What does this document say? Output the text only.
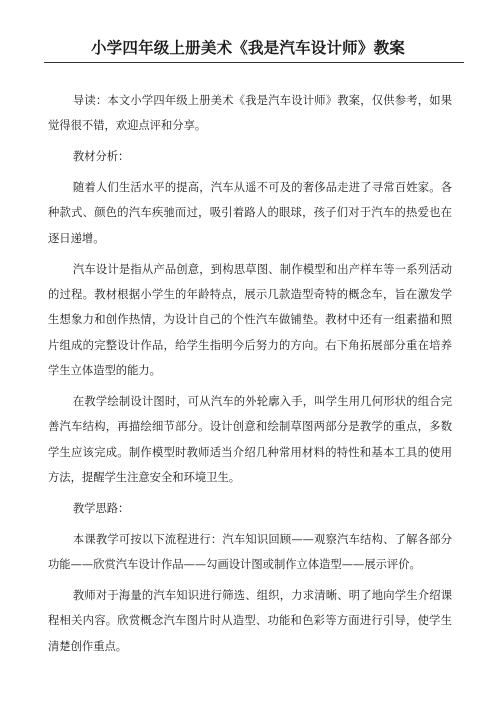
小学四年级上册美术《我是汽车设计师》教案

导读：本文小学四年级上册美术《我是汽车设计师》教案，仅供参考，如果觉得很不错，欢迎点评和分享。

教材分析：

随着人们生活水平的提高，汽车从遥不可及的奢侈品走进了寻常百姓家。各种款式、颜色的汽车疾驰而过，吸引着路人的眼球，孩子们对于汽车的热爱也在逐日递增。

汽车设计是指从产品创意，到构思草图、制作模型和出产样车等一系列活动的过程。教材根据小学生的年龄特点，展示几款造型奇特的概念车，旨在激发学生想象力和创作热情，为设计自己的个性汽车做铺垫。教材中还有一组素描和照片组成的完整设计作品，给学生指明今后努力的方向。右下角拓展部分重在培养学生立体造型的能力。

在教学绘制设计图时，可从汽车的外轮廓入手，叫学生用几何形状的组合完善汽车结构，再描绘细节部分。设计创意和绘制草图两部分是教学的重点，多数学生应该完成。制作模型时教师适当介绍几种常用材料的特性和基本工具的使用方法，提醒学生注意安全和环境卫生。

教学思路：

本课教学可按以下流程进行：汽车知识回顾——观察汽车结构、了解各部分功能——欣赏汽车设计作品——勾画设计图或制作立体造型——展示评价。

教师对于海量的汽车知识进行筛选、组织，力求清晰、明了地向学生介绍课程相关内容。欣赏概念汽车图片时从造型、功能和色彩等方面进行引导，使学生清楚创作重点。
